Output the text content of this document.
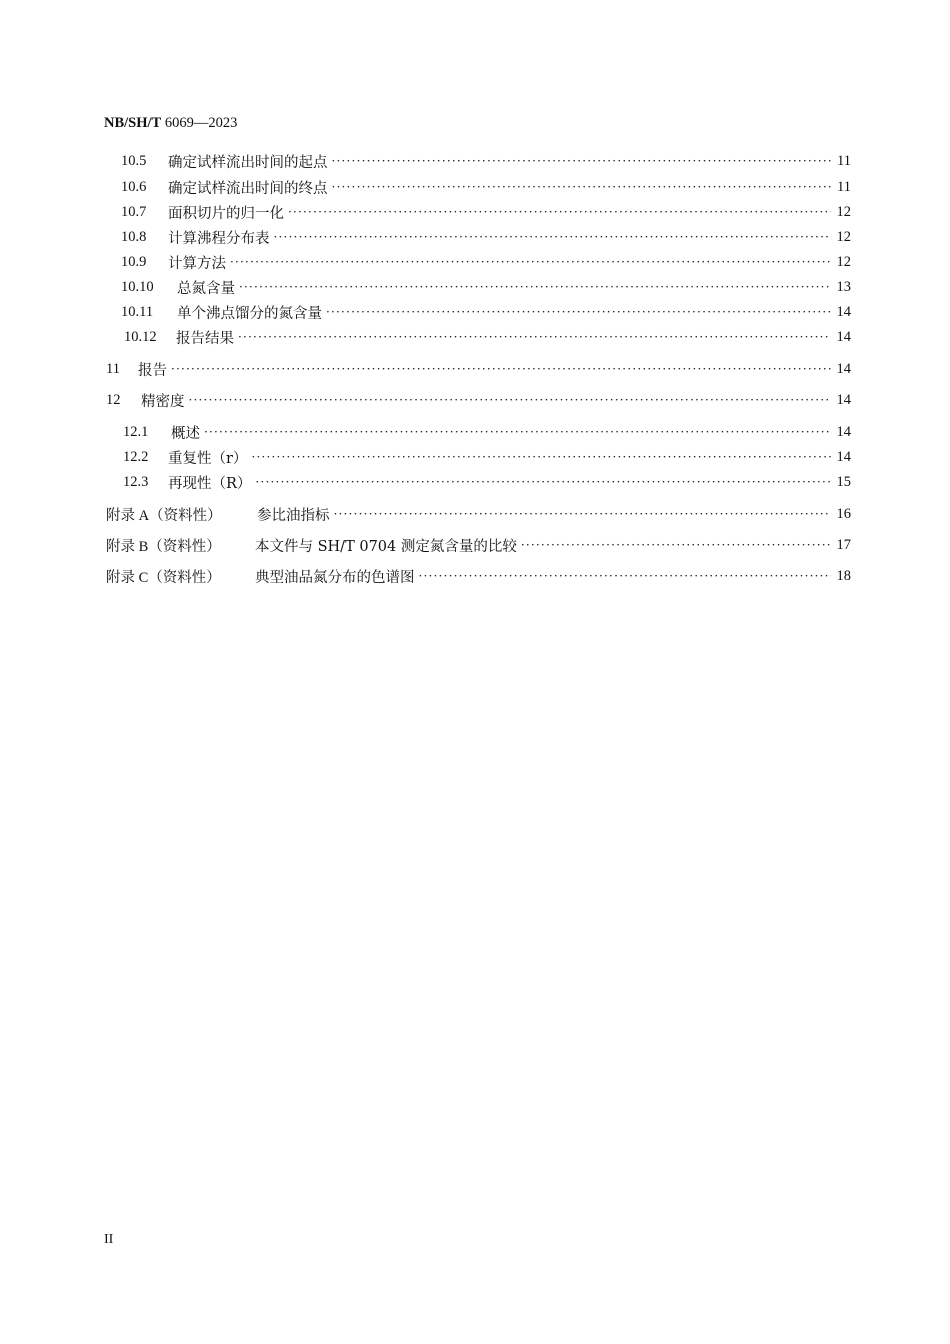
NB/SH/T 6069—2023
10.5	确定试样流出时间的起点 ·····	11
10.6	确定试样流出时间的终点 ·····	11
10.7	面积切片的归一化 ·····	12
10.8	计算沸程分布表 ·····	12
10.9	计算方法 ·····	12
10.10	总氮含量 ·····	13
10.11	单个沸点馏分的氮含量 ·····	14
10.12	报告结果 ·····	14
11	报告 ·····	14
12	精密度 ·····	14
12.1	概述 ·····	14
12.2	重复性（r） ·····	14
12.3	再现性（R） ·····	15
附录 A（资料性）	参比油指标 ·····	16
附录 B（资料性）	本文件与 SH/T 0704 测定氮含量的比较 ·····	17
附录 C（资料性）	典型油品氮分布的色谱图 ·····	18
II
